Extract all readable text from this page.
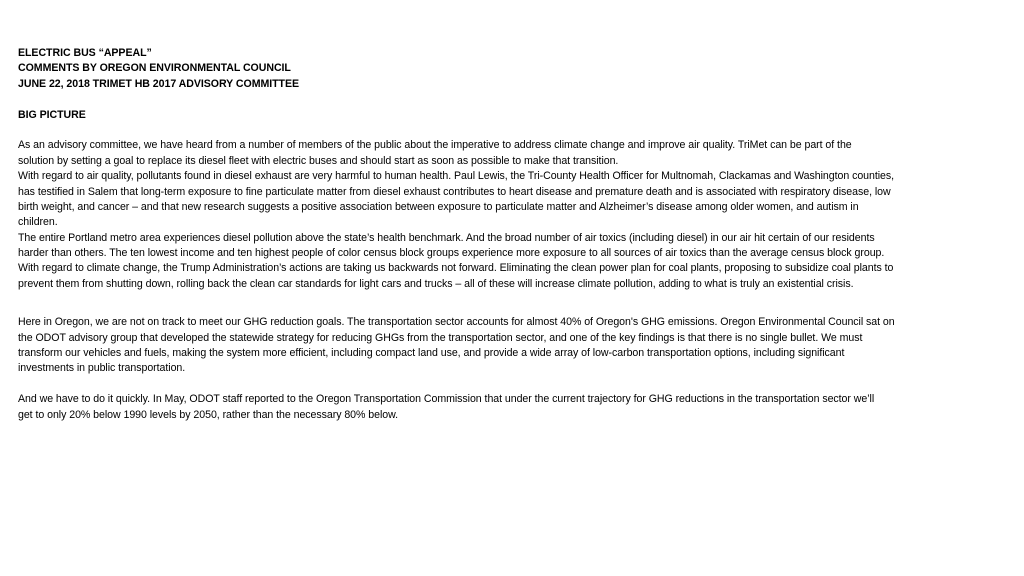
ELECTRIC BUS “APPEAL”
COMMENTS BY OREGON ENVIRONMENTAL COUNCIL
JUNE 22, 2018 TRIMET HB 2017 ADVISORY COMMITTEE
BIG PICTURE
As an advisory committee, we have heard from a number of members of the public about the imperative to address climate change and improve air quality. TriMet can be part of the
solution by setting a goal to replace its diesel fleet with electric buses and should start as soon as possible to make that transition.
With regard to air quality, pollutants found in diesel exhaust are very harmful to human health. Paul Lewis, the Tri-County Health Officer for Multnomah, Clackamas and Washington counties,
has testified in Salem that long-term exposure to fine particulate matter from diesel exhaust contributes to heart disease and premature death and is associated with respiratory disease, low
birth weight, and cancer – and that new research suggests a positive association between exposure to particulate matter and Alzheimer’s disease among older women, and autism in
children.
The entire Portland metro area experiences diesel pollution above the state’s health benchmark. And the broad number of air toxics (including diesel) in our air hit certain of our residents
harder than others. The ten lowest income and ten highest people of color census block groups experience more exposure to all sources of air toxics than the average census block group.
With regard to climate change, the Trump Administration’s actions are taking us backwards not forward. Eliminating the clean power plan for coal plants, proposing to subsidize coal plants to
prevent them from shutting down, rolling back the clean car standards for light cars and trucks – all of these will increase climate pollution, adding to what is truly an existential crisis.
Here in Oregon, we are not on track to meet our GHG reduction goals. The transportation sector accounts for almost 40% of Oregon's GHG emissions. Oregon Environmental Council sat on
the ODOT advisory group that developed the statewide strategy for reducing GHGs from the transportation sector, and one of the key findings is that there is no single bullet. We must
transform our vehicles and fuels, making the system more efficient, including compact land use, and provide a wide array of low-carbon transportation options, including significant
investments in public transportation.
And we have to do it quickly. In May, ODOT staff reported to the Oregon Transportation Commission that under the current trajectory for GHG reductions in the transportation sector we’ll
get to only 20% below 1990 levels by 2050, rather than the necessary 80% below.
